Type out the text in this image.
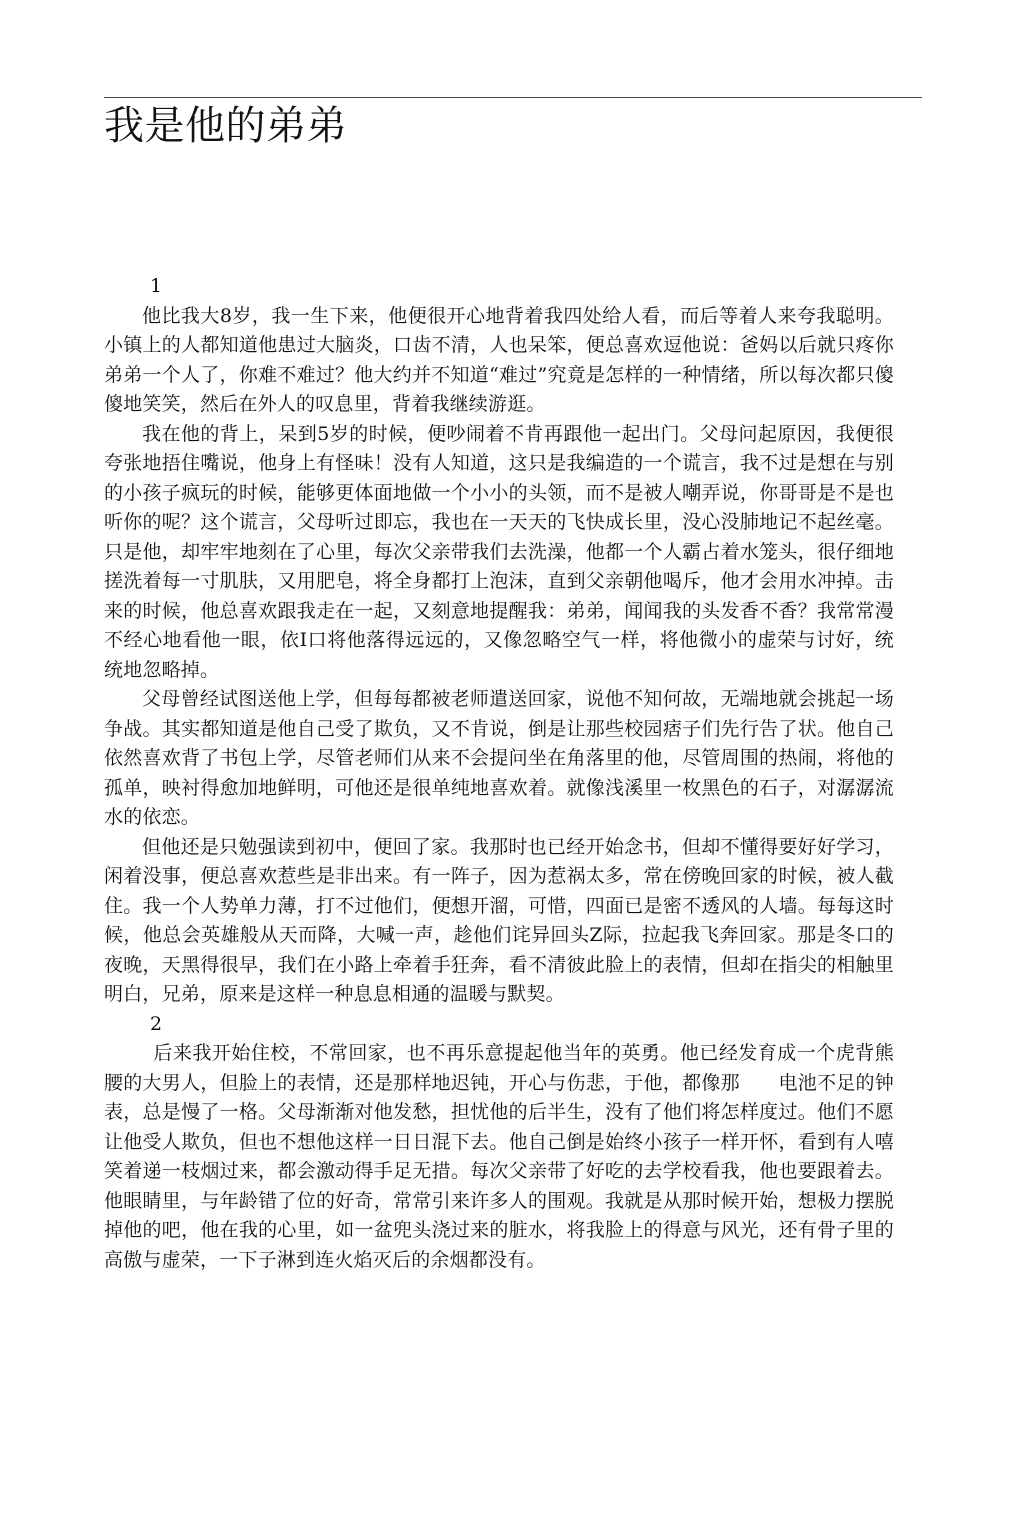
我是他的弟弟

1

他比我大8岁，我一生下来，他便很开心地背着我四处给人看，而后等着人来夸我聪明。小镇上的人都知道他患过大脑炎，口齿不清，人也呆笨，便总喜欢逗他说：爸妈以后就只疼你弟弟一个人了，你难不难过？他大约并不知道“难过”究竟是怎样的一种情绪，所以每次都只傻傻地笑笑，然后在外人的叹息里，背着我继续游逛。

我在他的背上，呆到5岁的时候，便吵闹着不肯再跟他一起出门。父母问起原因，我便很夸张地捂住嘴说，他身上有怪味！没有人知道，这只是我编造的一个谎言，我不过是想在与别的小孩子疯玩的时候，能够更体面地做一个小小的头领，而不是被人嘲弄说，你哥哥是不是也听你的呢？这个谎言，父母听过即忘，我也在一天天的飞快成长里，没心没肺地记不起丝毫。只是他，却牢牢地刻在了心里，每次父亲带我们去洗澡，他都一个人霸占着水笼头，很仔细地搓洗着每一寸肌肤，又用肥皂，将全身都打上泡沫，直到父亲朝他喝斥，他才会用水冲掉。击来的时候，他总喜欢跟我走在一起，又刻意地提醒我：弟弟，闻闻我的头发香不香？我常常漫不经心地看他一眼，依I口将他落得远远的，又像忽略空气一样，将他微小的虚荣与讨好，统统地忽略掉。

父母曾经试图送他上学，但每每都被老师遣送回家，说他不知何故，无端地就会挑起一场争战。其实都知道是他自己受了欺负，又不肯说，倒是让那些校园痞子们先行告了状。他自己依然喜欢背了书包上学，尽管老师们从来不会提问坐在角落里的他，尽管周围的热闹，将他的孤单，映衬得愈加地鲜明，可他还是很单纯地喜欢着。就像浅溪里一枚黑色的石子，对潺潺流水的依恋。

但他还是只勉强读到初中，便回了家。我那时也已经开始念书，但却不懂得要好好学习，闲着没事，便总喜欢惹些是非出来。有一阵子，因为惹祸太多，常在傍晚回家的时候，被人截住。我一个人势单力薄，打不过他们，便想开溜，可惜，四面已是密不透风的人墙。每每这时候，他总会英雄般从天而降，大喊一声，趁他们诧异回头Z际，拉起我飞奔回家。那是冬口的夜晚，天黑得很早，我们在小路上牵着手狂奔，看不清彼此脸上的表情，但却在指尖的相触里明白，兄弟，原来是这样一种息息相通的温暖与默契。

2

后来我开始住校，不常回家，也不再乐意提起他当年的英勇。他已经发育成一个虎背熊腰的大男人，但脸上的表情，还是那样地迟钝，开心与伤悲，于他，都像那　　电池不足的钟表，总是慢了一格。父母渐渐对他发愁，担忧他的后半生，没有了他们将怎样度过。他们不愿让他受人欺负，但也不想他这样一日日混下去。他自己倒是始终小孩子一样开怀，看到有人嘻笑着递一枝烟过来，都会激动得手足无措。每次父亲带了好吃的去学校看我，他也要跟着去。他眼睛里，与年龄错了位的好奇，常常引来许多人的围观。我就是从那时候开始，想极力摆脱掉他的吧，他在我的心里，如一盆兜头浇过来的脏水，将我脸上的得意与风光，还有骨子里的高傲与虚荣，一下子淋到连火焰灭后的余烟都没有。
